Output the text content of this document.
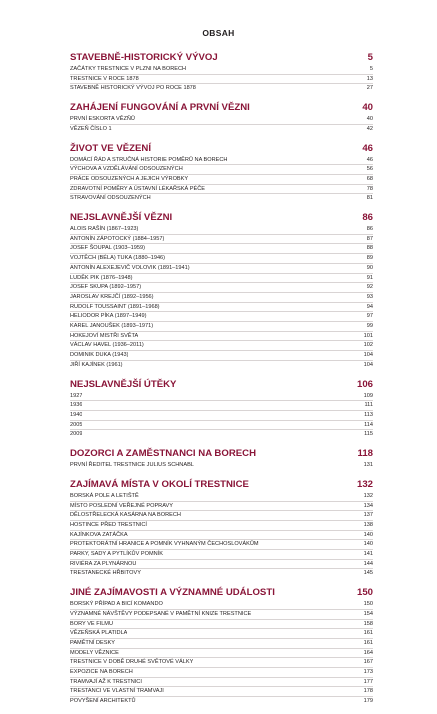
OBSAH
STAVEBNĚ-HISTORICKÝ VÝVOJ	5
ZAČÁTKY TRESTNICE V PLZNI NA BORECH	5
TRESTNICE V ROCE 1878	13
STAVEBNĚ HISTORICKÝ VÝVOJ PO ROCE 1878	27
ZAHÁJENÍ FUNGOVÁNÍ A PRVNÍ VĚZNI	40
PRVNÍ ESKORTA VĚZŇŮ	40
VĚZEŇ ČÍSLO 1	42
ŽIVOT VE VĚZENÍ	46
DOMÁCÍ ŘÁD A STRUČNÁ HISTORIE POMĚRŮ NA BORECH	46
VÝCHOVA A VZDĚLÁVÁNÍ ODSOUZENÝCH	56
PRÁCE ODSOUZENÝCH A JEJICH VÝROBKY	68
ZDRAVOTNÍ POMĚRY A ÚSTAVNÍ LÉKAŘSKÁ PÉČE	78
STRAVOVÁNÍ ODSOUZENÝCH	81
NEJSLAVNĚJŠÍ VĚZNI	86
ALOIS RAŠÍN (1867–1923)	86
ANTONÍN ZÁPOTOCKÝ (1884–1957)	87
JOSEF ŠOUPAL (1903–1959)	88
VOJTĚCH (BÉLA) TUKA (1880–1946)	89
ANTONÍN ALEXEJEVIČ VOLOVIK (1891–1941)	90
LUDĚK PIK (1876–1948)	91
JOSEF SKUPA (1892–1957)	92
JAROSLAV KREJČÍ (1892–1956)	93
RUDOLF TOUSSAINT (1891–1968)	94
HELIODOR PÍKA (1897–1949)	97
KAREL JANOUŠEK (1893–1971)	99
HOKEJOVÍ MISTŘI SVĚTA	101
VÁCLAV HAVEL (1936–2011)	102
DOMINIK DUKA (1943)	104
JIŘÍ KAJÍNEK (1961)	104
NEJSLAVNĚJŠÍ ÚTĚKY	106
1927	109
1936	111
1940	113
2005	114
2009	115
DOZORCI A ZAMĚSTNANCI NA BORECH	118
PRVNÍ ŘEDITEL TRESTNICE JULIUS SCHNABL	131
ZAJÍMAVÁ MÍSTA V OKOLÍ TRESTNICE	132
BORSKÁ POLE A LETIŠTĚ	132
MÍSTO POSLEDNÍ VEŘEJNÉ POPRAVY	134
DĚLOSTŘELECKÁ KASÁRNA NA BORECH	137
HOSTINCE PŘED TRESTNICÍ	138
KAJÍNKOVA ZATÁČKA	140
PROTEKTORÁTNÍ HRANICE A POMNÍK VYHNANÝM ČECHOSLOVÁKŮM	140
PARKY, SADY A PYTLÍKŮV POMNÍK	141
RIVIÉRA ZA PLYNÁRNOU	144
TRESTANECKÉ HŘBITOVY	145
JINÉ ZAJÍMAVOSTI A VÝZNAMNÉ UDÁLOSTI	150
BORSKÝ PŘÍPAD A BICÍ KOMANDO	150
VÝZNAMNÉ NÁVŠTĚVY PODEPSANÉ V PAMĚTNÍ KNIZE TRESTNICE	154
BORY VE FILMU	158
VĚZEŇSKÁ PLATIDLA	161
PAMĚTNÍ DESKY	161
MODELY VĚZNICE	164
TRESTNICE V DOBĚ DRUHÉ SVĚTOVÉ VÁLKY	167
EXPOZICE NA BORECH	173
TRAMVAJÍ AŽ K TRESTNICI	177
TRESTANCI VE VLASTNÍ TRAMVAJI	178
POVYŠENÍ ARCHITEKTŮ	179
